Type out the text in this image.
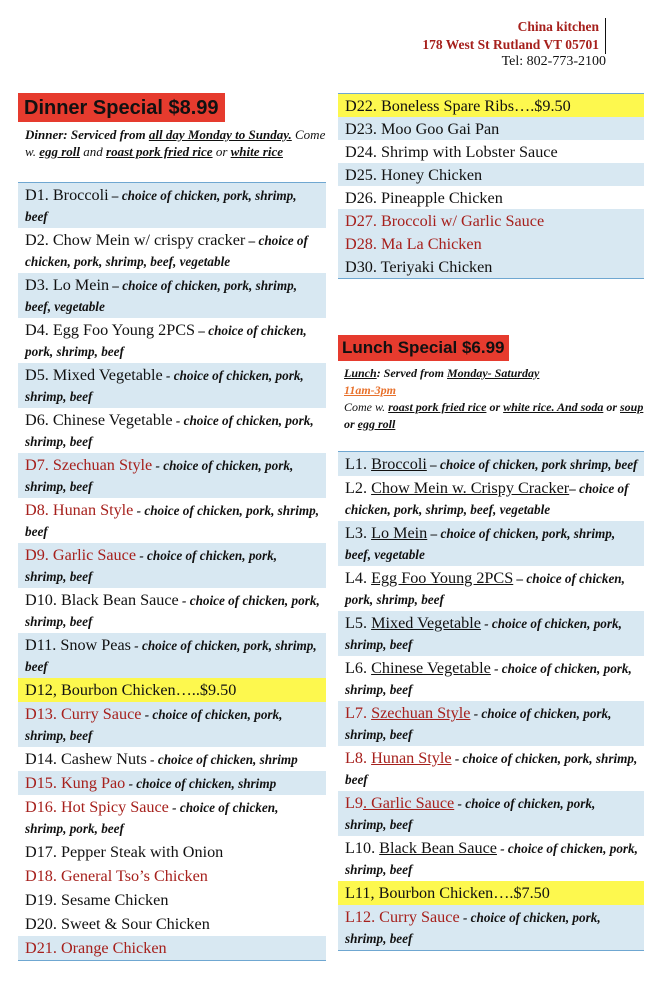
China kitchen
178 West St Rutland VT 05701
Tel: 802-773-2100
Dinner Special $8.99
Dinner: Serviced from all day Monday to Sunday. Come w. egg roll and roast pork fried rice or white rice
D1. Broccoli – choice of chicken, pork, shrimp, beef
D2. Chow Mein w/ crispy cracker – choice of chicken, pork, shrimp, beef, vegetable
D3. Lo Mein – choice of chicken, pork, shrimp, beef, vegetable
D4. Egg Foo Young 2PCS – choice of chicken, pork, shrimp, beef
D5. Mixed Vegetable - choice of chicken, pork, shrimp, beef
D6. Chinese Vegetable - choice of chicken, pork, shrimp, beef
D7. Szechuan Style - choice of chicken, pork, shrimp, beef
D8. Hunan Style - choice of chicken, pork, shrimp, beef
D9. Garlic Sauce - choice of chicken, pork, shrimp, beef
D10. Black Bean Sauce - choice of chicken, pork, shrimp, beef
D11. Snow Peas - choice of chicken, pork, shrimp, beef
D12, Bourbon Chicken…..$9.50
D13. Curry Sauce - choice of chicken, pork, shrimp, beef
D14. Cashew Nuts - choice of chicken, shrimp
D15. Kung Pao - choice of chicken, shrimp
D16. Hot Spicy Sauce - choice of chicken, shrimp, pork, beef
D17. Pepper Steak with Onion
D18. General Tso’s Chicken
D19. Sesame Chicken
D20. Sweet & Sour Chicken
D21. Orange Chicken
D22. Boneless Spare Ribs….$9.50
D23. Moo Goo Gai Pan
D24. Shrimp with Lobster Sauce
D25. Honey Chicken
D26. Pineapple Chicken
D27. Broccoli w/ Garlic Sauce
D28. Ma La Chicken
D30. Teriyaki Chicken
Lunch Special $6.99
Lunch: Served from Monday- Saturday
11am-3pm
Come w. roast pork fried rice or white rice. And soda or soup or egg roll
L1. Broccoli – choice of chicken, pork shrimp, beef
L2. Chow Mein w. Crispy Cracker– choice of chicken, pork, shrimp, beef, vegetable
L3. Lo Mein – choice of chicken, pork, shrimp, beef, vegetable
L4. Egg Foo Young 2PCS – choice of chicken, pork, shrimp, beef
L5. Mixed Vegetable - choice of chicken, pork, shrimp, beef
L6. Chinese Vegetable - choice of chicken, pork, shrimp, beef
L7. Szechuan Style - choice of chicken, pork, shrimp, beef
L8. Hunan Style - choice of chicken, pork, shrimp, beef
L9. Garlic Sauce - choice of chicken, pork, shrimp, beef
L10. Black Bean Sauce - choice of chicken, pork, shrimp, beef
L11, Bourbon Chicken….$7.50
L12. Curry Sauce - choice of chicken, pork, shrimp, beef
